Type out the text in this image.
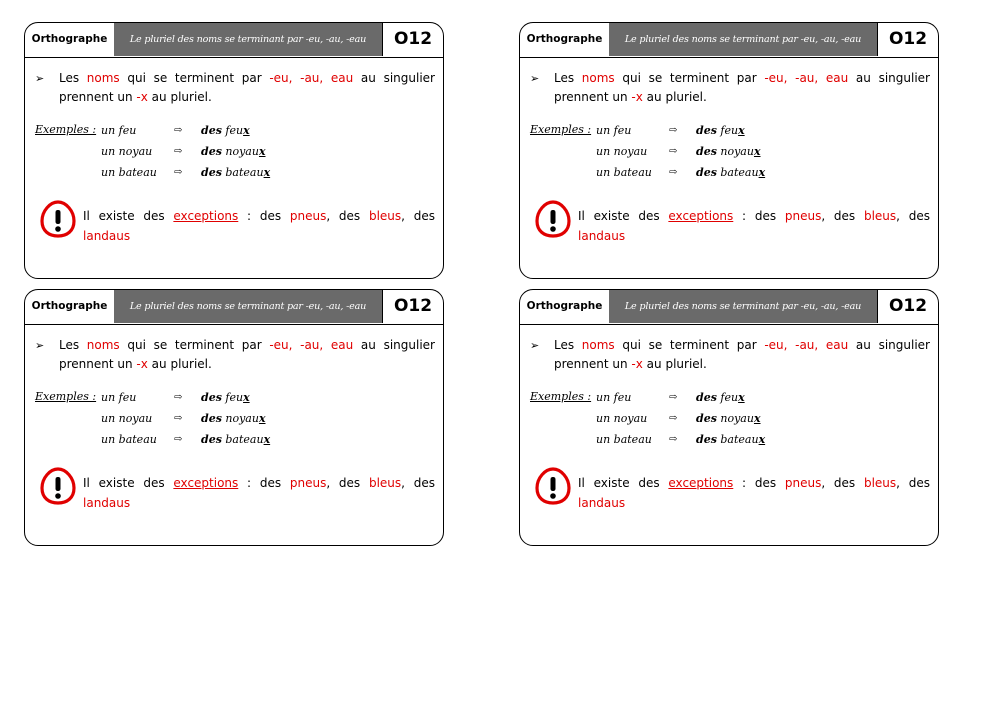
Orthographe	Le pluriel des noms se terminant par -eu, -au, -eau	O12
➢	Les noms qui se terminent par -eu, -au, eau au singulier prennent un -x au pluriel.
Exemples : un feu	⇨ des feux
un noyau ⇨ des noyaux
un bateau ⇨ des bateaux
Il existe des exceptions : des pneus, des bleus, des landaus
Orthographe	Le pluriel des noms se terminant par -eu, -au, -eau	O12
➢	Les noms qui se terminent par -eu, -au, eau au singulier prennent un -x au pluriel.
Exemples : un feu	⇨ des feux
un noyau ⇨ des noyaux
un bateau ⇨ des bateaux
Il existe des exceptions : des pneus, des bleus, des landaus
Orthographe	Le pluriel des noms se terminant par -eu, -au, -eau	O12
➢	Les noms qui se terminent par -eu, -au, eau au singulier prennent un -x au pluriel.
Exemples : un feu	⇨ des feux
un noyau ⇨ des noyaux
un bateau ⇨ des bateaux
Il existe des exceptions : des pneus, des bleus, des landaus
Orthographe	Le pluriel des noms se terminant par -eu, -au, -eau	O12
➢	Les noms qui se terminent par -eu, -au, eau au singulier prennent un -x au pluriel.
Exemples : un feu	⇨ des feux
un noyau ⇨ des noyaux
un bateau ⇨ des bateaux
Il existe des exceptions : des pneus, des bleus, des landaus
